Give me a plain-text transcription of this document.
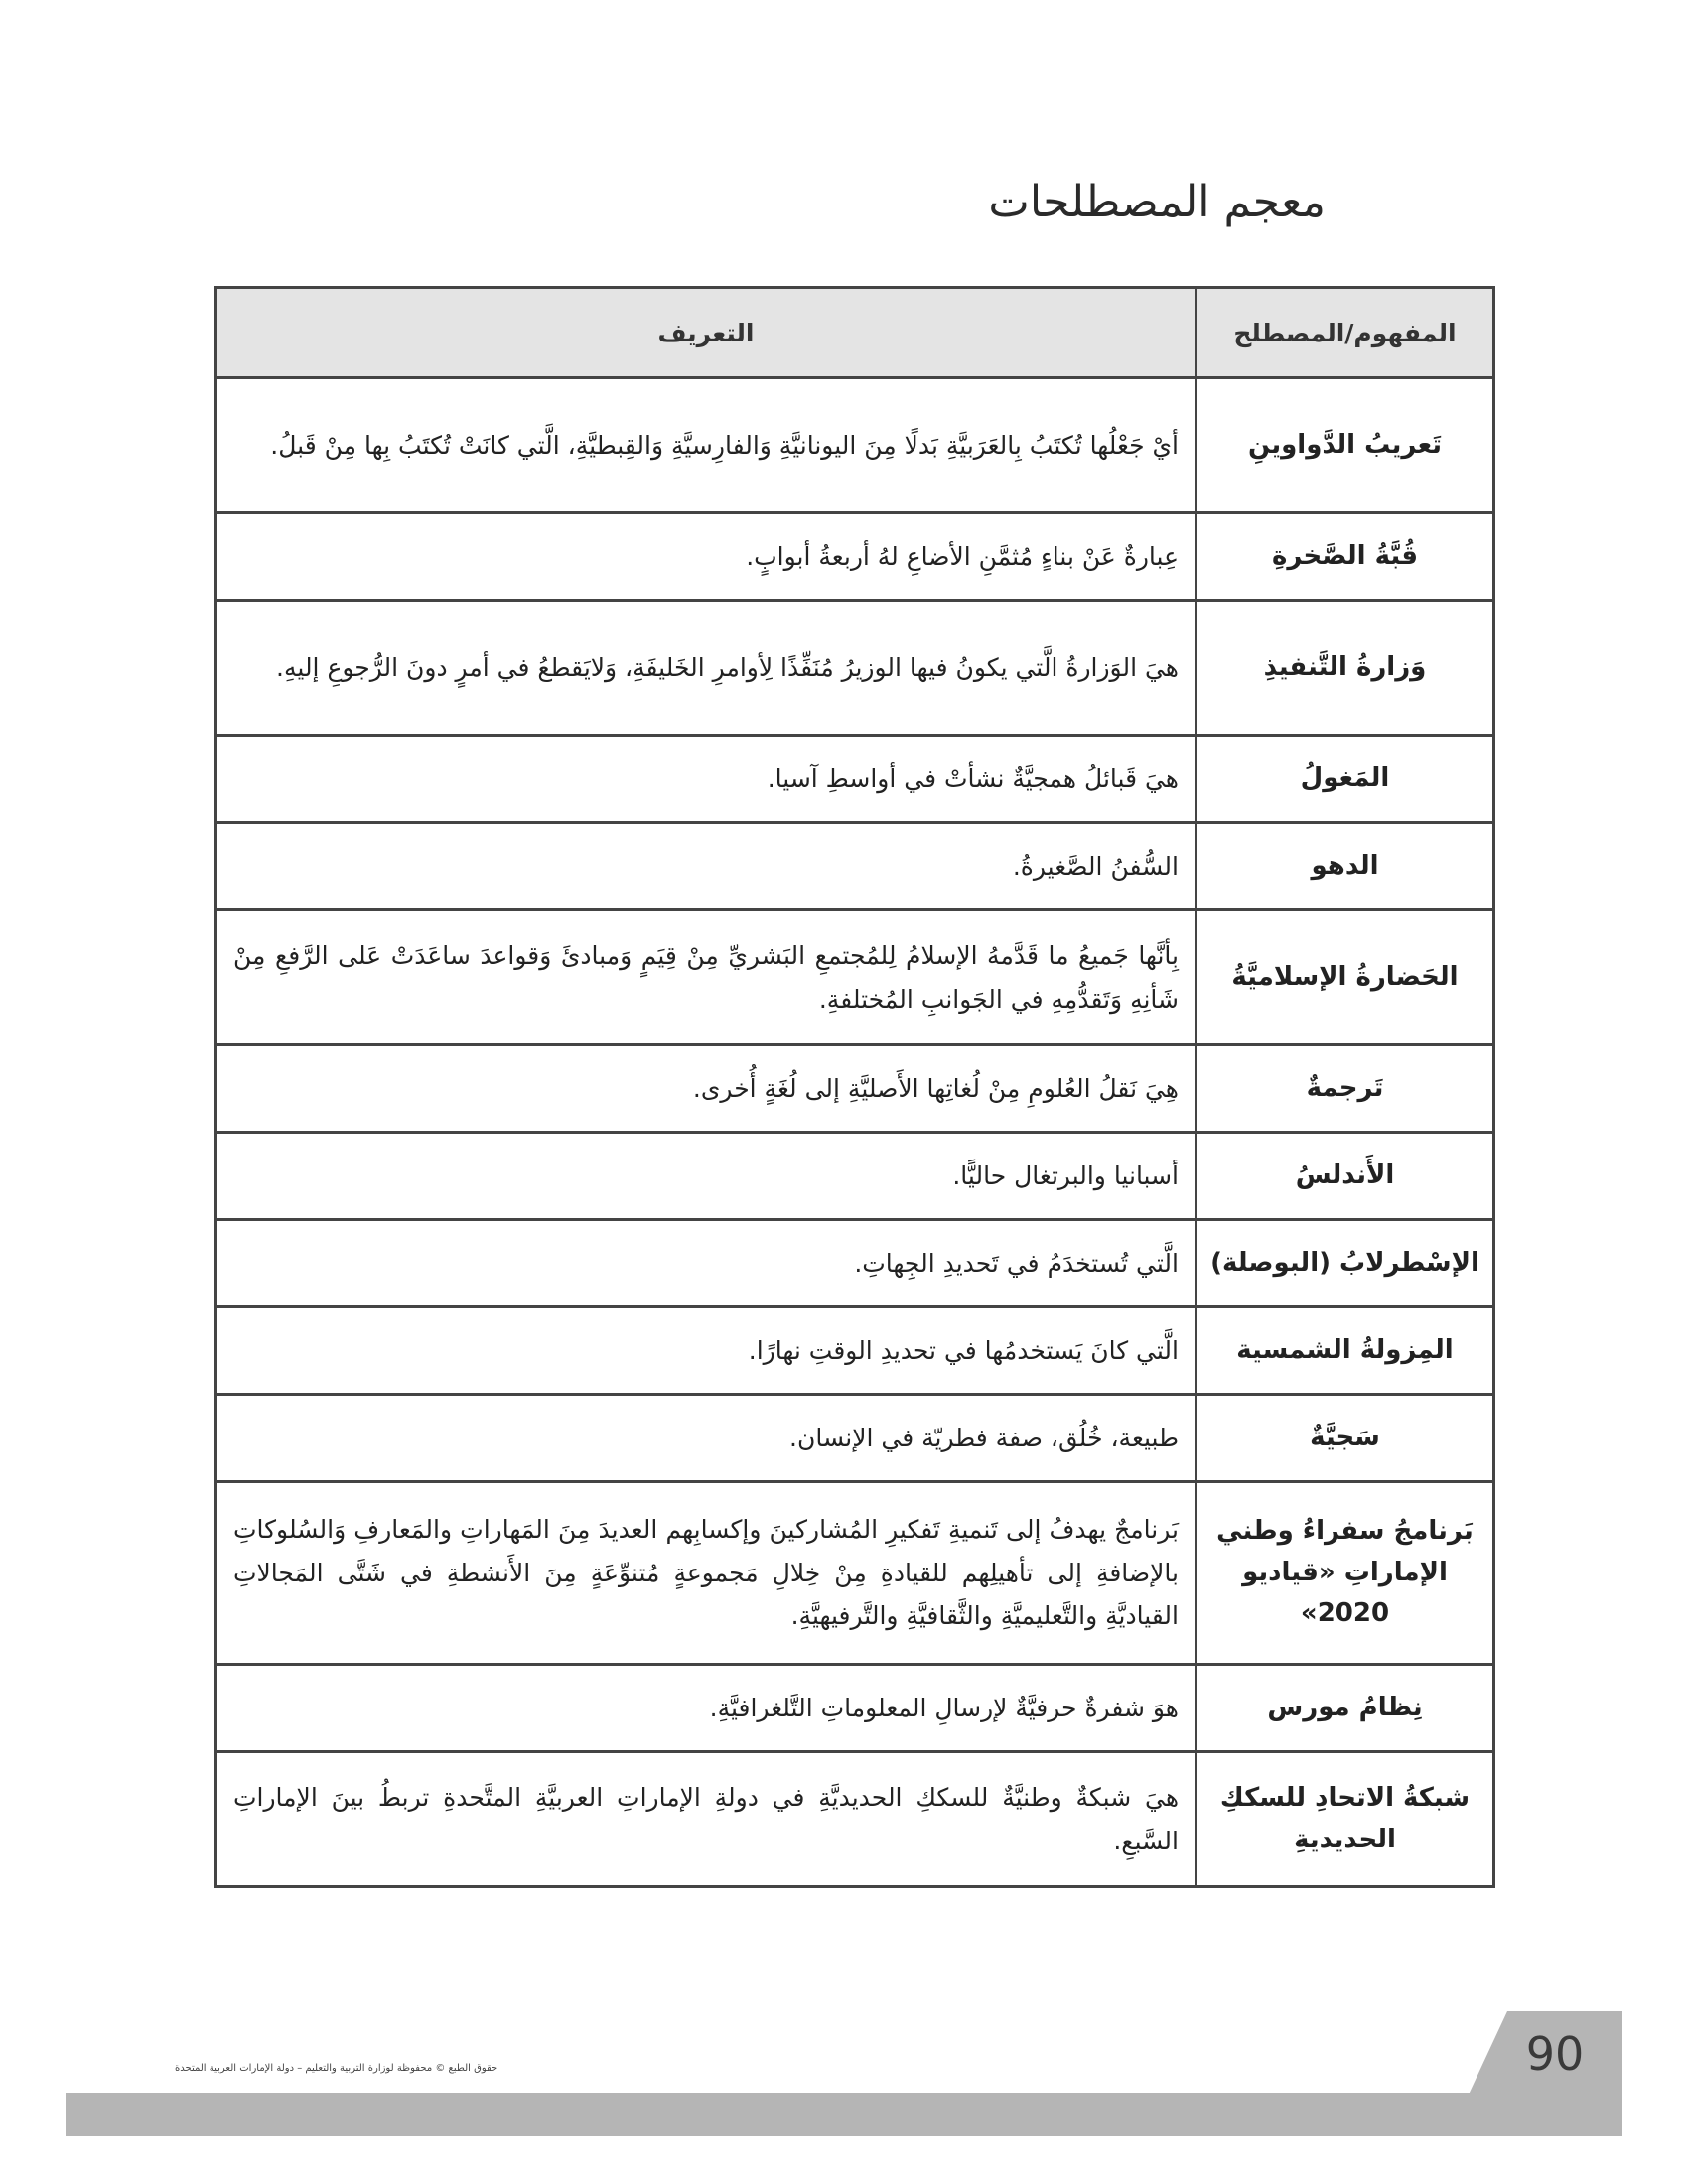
معجم المصطلحات
المفهوم/المصطلح	التعريف
تَعريبُ الدَّواوينِ	أيْ جَعْلُها تُكتَبُ بِالعَرَبيَّةِ بَدلًا مِنَ اليونانيَّةِ وَالفارِسيَّةِ وَالقِبطيَّةِ، الَّتي كانَتْ تُكتَبُ بِها مِنْ قَبلُ.
قُبَّةُ الصَّخرةِ	عِبارةٌ عَنْ بناءٍ مُثمَّنِ الأضاعِ لهُ أربعةُ أبوابٍ.
وَزارةُ التَّنفيذِ	هيَ الوَزارةُ الَّتي يكونُ فيها الوزيرُ مُنَفِّذًا لِأوامرِ الخَليفَةِ، وَلايَقطعُ في أمرٍ دونَ الرُّجوعِ إليهِ.
المَغولُ	هيَ قَبائلُ همجيَّةٌ نشأتْ في أواسطِ آسيا.
الدهو	السُّفنُ الصَّغيرةُ.
الحَضارةُ الإسلاميَّةُ	بِأنَّها جَميعُ ما قَدَّمهُ الإسلامُ لِلمُجتمعِ البَشريِّ مِنْ قِيَمٍ وَمبادئَ وَقواعدَ ساعَدَتْ عَلى الرَّفعِ مِنْ شَأنِهِ وَتَقدُّمِهِ في الجَوانبِ المُختلفةِ.
تَرجمةٌ	هِيَ نَقلُ العُلومِ مِنْ لُغاتِها الأَصليَّةِ إلى لُغَةٍ أُخرى.
الأَندلسُ	أسبانيا والبرتغال حاليًّا.
الإسْطرلابُ (البوصلة)	الَّتي تُستخدَمُ في تَحديدِ الجِهاتِ.
المِزولةُ الشمسية	الَّتي كانَ يَستخدمُها في تحديدِ الوقتِ نهارًا.
سَجيَّةٌ	طبيعة، خُلُق، صفة فطريّة في الإنسان.
بَرنامجُ سفراءُ وطني الإماراتِ «قياديو 2020»	بَرنامجٌ يهدفُ إلى تَنميةِ تَفكيرِ المُشاركينَ وإكسابِهم العديدَ مِنَ المَهاراتِ والمَعارفِ وَالسُلوكاتِ بالإضافةِ إلى تأهيلِهم للقيادةِ مِنْ خِلالِ مَجموعةٍ مُتنوِّعَةٍ مِنَ الأَنشطةِ في شَتَّى المَجالاتِ القياديَّةِ والتَّعليميَّةِ والثَّقافيَّةِ والتَّرفيهيَّةِ.
نِظامُ مورس	هوَ شفرةٌ حرفيَّةٌ لإرسالِ المعلوماتِ التَّلغرافيَّةِ.
شبكةُ الاتحادِ للسككِ الحديديةِ	هيَ شبكةٌ وطنيَّةٌ للسككِ الحديديَّةِ في دولةِ الإماراتِ العربيَّةِ المتَّحدةِ تربطُ بينَ الإماراتِ السَّبعِ.
90
حقوق الطبع © محفوظة لوزارة التربية والتعليم – دولة الإمارات العربية المتحدة
